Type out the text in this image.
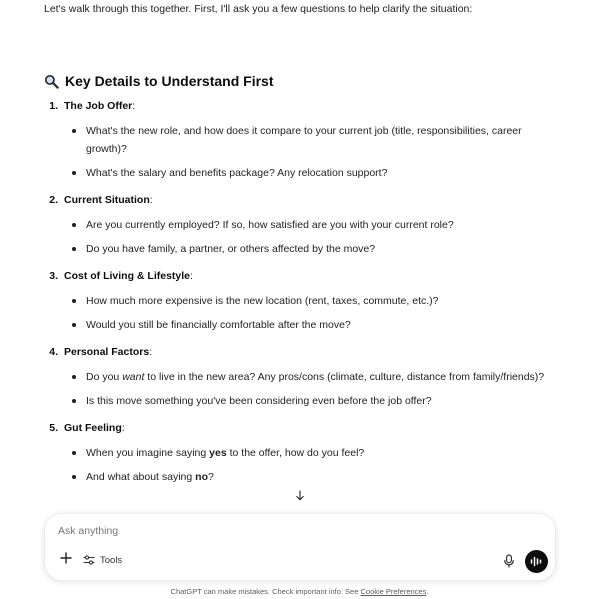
Let's walk through this together. First, I'll ask you a few questions to help clarify the situation:
Key Details to Understand First
1. The Job Offer:
What's the new role, and how does it compare to your current job (title, responsibilities, career growth)?
What's the salary and benefits package? Any relocation support?
2. Current Situation:
Are you currently employed? If so, how satisfied are you with your current role?
Do you have family, a partner, or others affected by the move?
3. Cost of Living & Lifestyle:
How much more expensive is the new location (rent, taxes, commute, etc.)?
Would you still be financially comfortable after the move?
4. Personal Factors:
Do you want to live in the new area? Any pros/cons (climate, culture, distance from family/friends)?
Is this move something you've been considering even before the job offer?
5. Gut Feeling:
When you imagine saying yes to the offer, how do you feel?
And what about saying no?
Ask anything
Tools
ChatGPT can make mistakes. Check important info. See Cookie Preferences.
